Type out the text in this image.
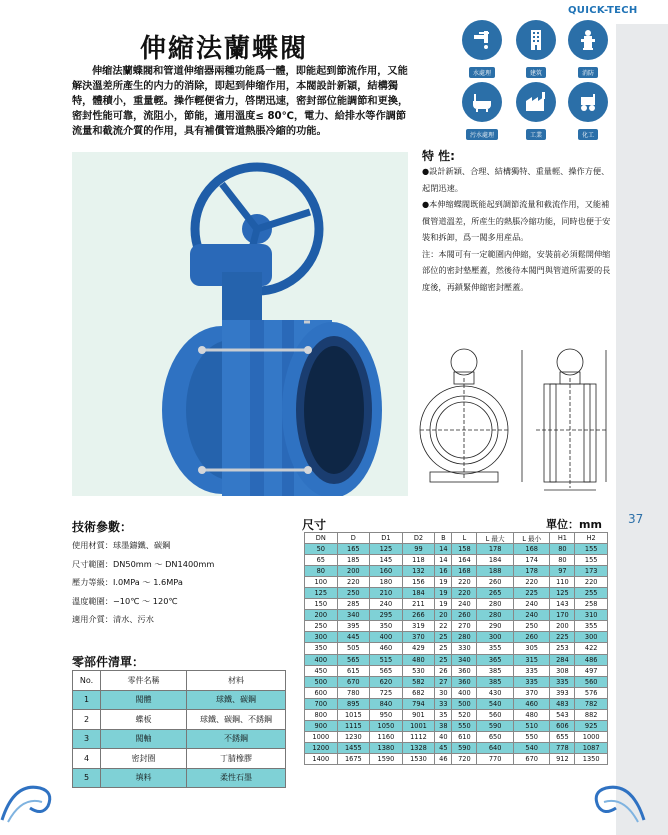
QUICK-TECH
伸縮法蘭蝶閥
水處理	建筑	消防
污水處理	工業	化工
伸缩法蘭蝶閥和管道伸缩器兩種功能爲一體，即能起到節流作用，又能解決溫差所產生的内力的消除，即起到伸缩作用，本閥設計新穎，結構獨特，體積小，重量輕。操作輕便省力，啓閉迅速，密封部位能調節和更換，密封性能可靠，流阻小，節能，適用溫度≤ 80℃，電力、給排水等作調節流量和截流介質的作用，具有補償管道熱脹冷縮的功能。
特 性:

●設計新穎、合理、結構獨特、重量輕、操作方便、起閉迅速。

●本伸缩蝶閥既能起到調節流量和截流作用，又能補償管道溫差，所産生的熱脹冷縮功能，同時也便于安裝和拆卸，爲一閥多用産品。

注：本閥可有一定範圍内伸縮，安裝前必須鬆開伸缩部位的密封墊壓蓋，然後待本閥門與管道所需要的長度後，再鎖緊伸縮密封壓蓋。

技術參數：
使用材質：球墨鑄鐵、碳鋼
尺寸範圍：DN50mm ～ DN1400mm
壓力等級：I.0MPa ～ 1.6MPa
溫度範圍：−10℃ ～ 120℃
適用介質：清水、污水
零部件清單：
No.	零件名稱	材料
1	閥體	球鐵、碳鋼
2	蝶板	球鐵、碳鋼、不銹鋼
3	閥軸	不銹鋼
4	密封圈	丁腈橡膠
5	填料	柔性石墨
尺寸	單位：mm
DN	D	D1	D2	B	L	L 最大	L 最小	H1	H2
50	165	125	99	14	158	178	168	80	155
65	185	145	118	14	164	184	174	80	155
80	200	160	132	16	168	188	178	97	173
100	220	180	156	19	220	260	220	110	220
125	250	210	184	19	220	265	225	125	255
150	285	240	211	19	240	280	240	143	258
200	340	295	266	20	260	280	240	170	310
250	395	350	319	22	270	290	250	200	355
300	445	400	370	25	280	300	260	225	300
350	505	460	429	25	330	355	305	253	422
400	565	515	480	25	340	365	315	284	486
450	615	565	530	26	360	385	335	308	497
500	670	620	582	27	360	385	335	335	560
600	780	725	682	30	400	430	370	393	576
700	895	840	794	33	500	540	460	483	782
800	1015	950	901	35	520	560	480	543	882
900	1115	1050	1001	38	550	590	510	606	925
1000	1230	1160	1112	40	610	650	550	655	1000
1200	1455	1380	1328	45	590	640	540	778	1087
1400	1675	1590	1530	46	720	770	670	912	1350
37
